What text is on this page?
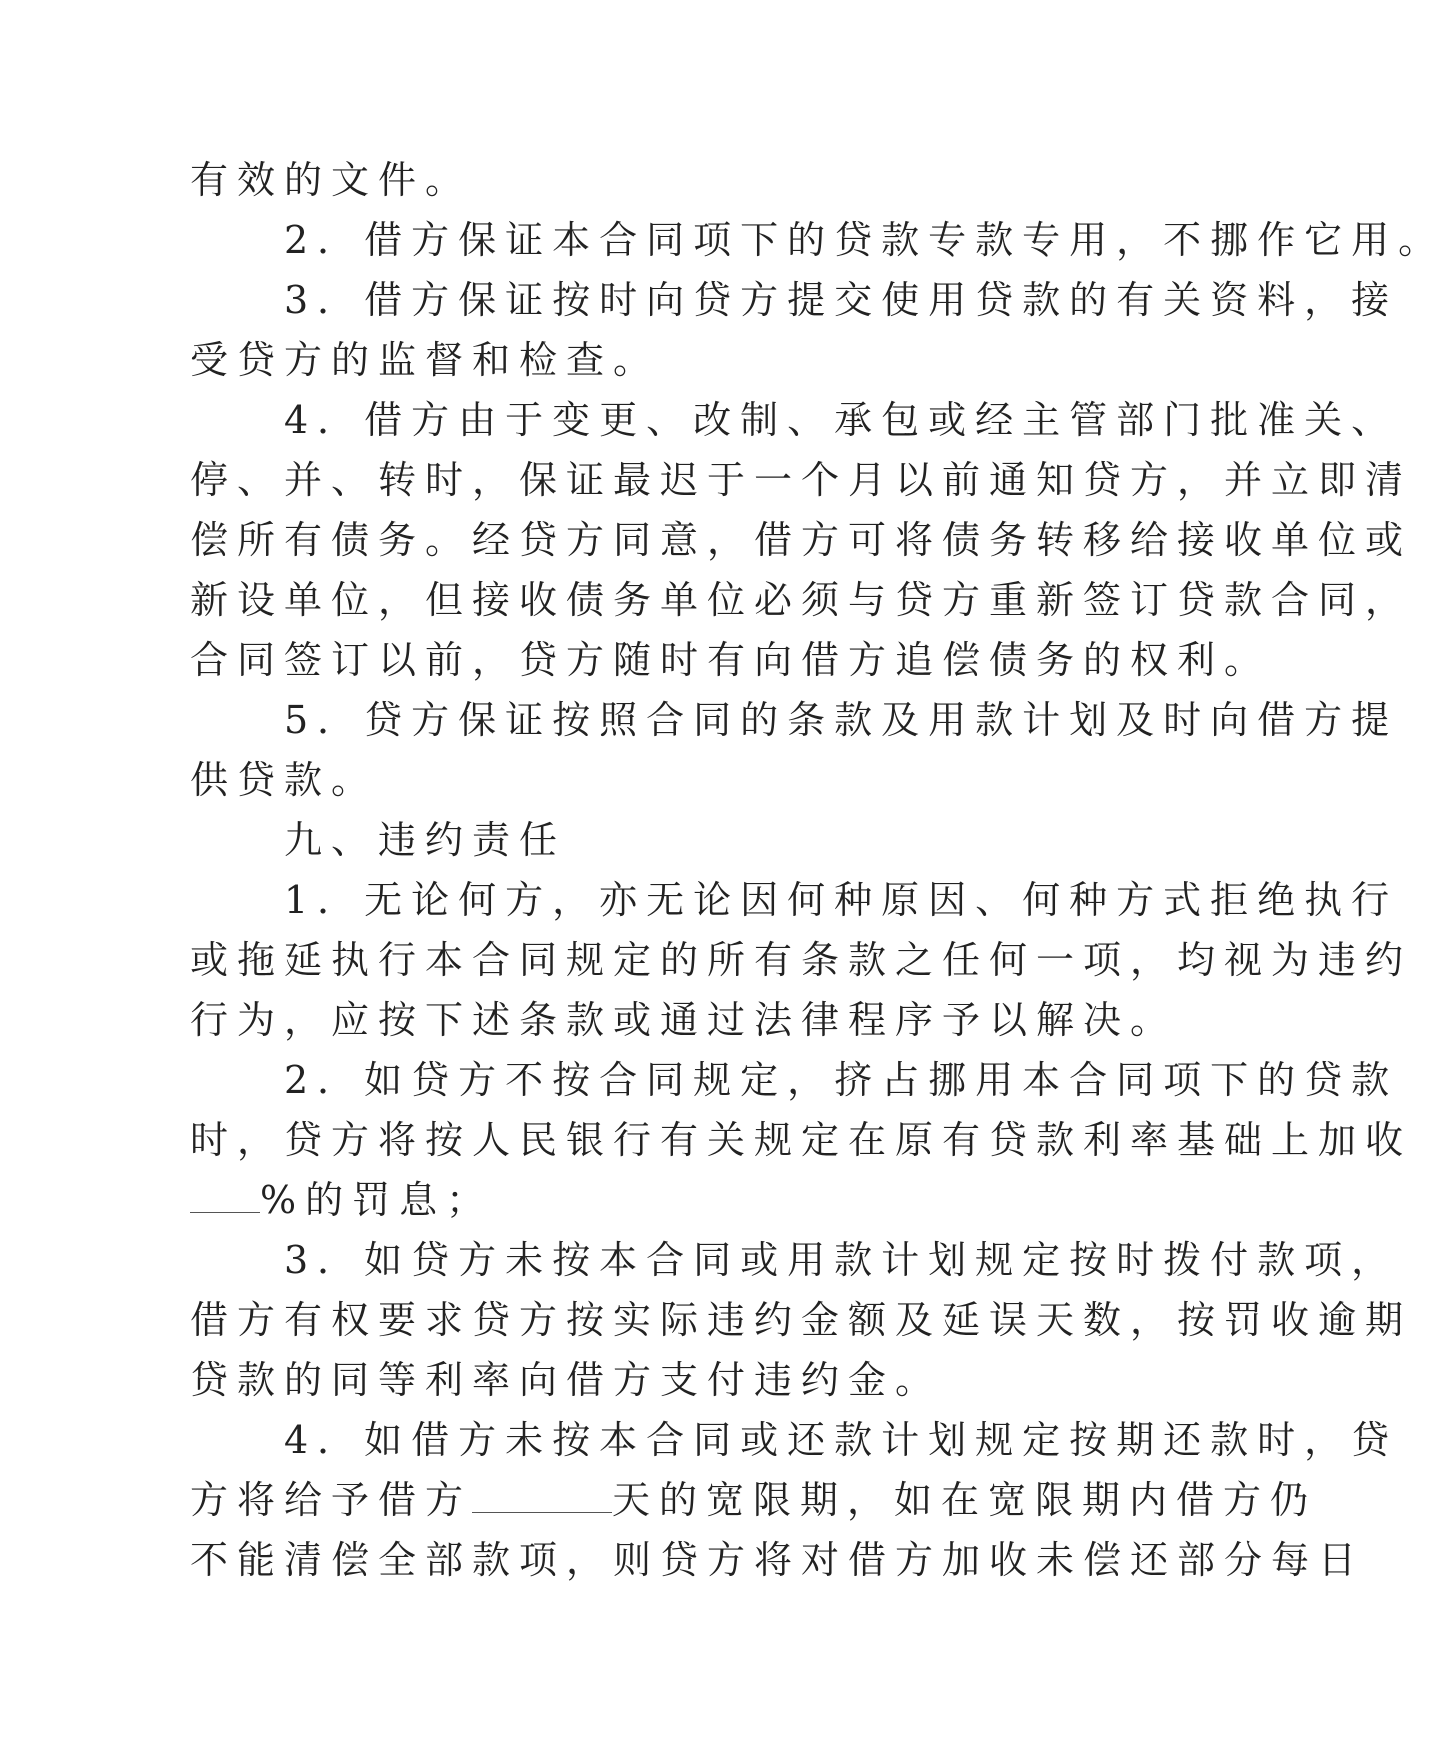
有效的文件。
　　2．借方保证本合同项下的贷款专款专用，不挪作它用。
　　3．借方保证按时向贷方提交使用贷款的有关资料，接
受贷方的监督和检查。
　　4．借方由于变更、改制、承包或经主管部门批准关、
停、并、转时，保证最迟于一个月以前通知贷方，并立即清
偿所有债务。经贷方同意，借方可将债务转移给接收单位或
新设单位，但接收债务单位必须与贷方重新签订贷款合同，
合同签订以前，贷方随时有向借方追偿债务的权利。
　　5．贷方保证按照合同的条款及用款计划及时向借方提
供贷款。
　　九、违约责任
　　1．无论何方，亦无论因何种原因、何种方式拒绝执行
或拖延执行本合同规定的所有条款之任何一项，均视为违约
行为，应按下述条款或通过法律程序予以解决。
　　2．如贷方不按合同规定，挤占挪用本合同项下的贷款
时，贷方将按人民银行有关规定在原有贷款利率基础上加收
%的罚息；
　　3．如贷方未按本合同或用款计划规定按时拨付款项，
借方有权要求贷方按实际违约金额及延误天数，按罚收逾期
贷款的同等利率向借方支付违约金。
　　4．如借方未按本合同或还款计划规定按期还款时，贷
方将给予借方	天的宽限期，如在宽限期内借方仍
不能清偿全部款项，则贷方将对借方加收未偿还部分每日
